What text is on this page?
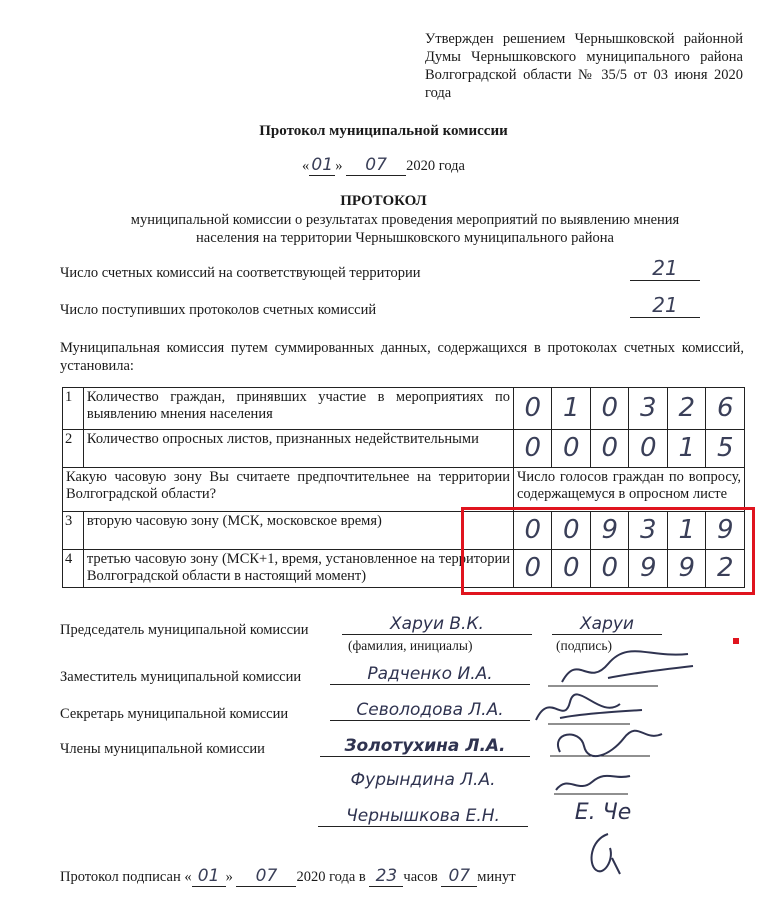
Утвержден решением Чернышковской районной Думы Чернышковского муниципального района Волгоградской области № 35/5 от 03 июня 2020 года
Протокол муниципальной комиссии
« 01 » 07 2020 года
ПРОТОКОЛ
муниципальной комиссии о результатах проведения мероприятий по выявлению мнения населения на территории Чернышковского муниципального района
Число счетных комиссий на соответствующей территории	21
Число поступивших протоколов счетных комиссий	21
Муниципальная комиссия путем суммированных данных, содержащихся в протоколах счетных комиссий, установила:
1	Количество граждан, принявших участие в мероприятиях по выявлению мнения населения	0	1	0	3	2	6
2	Количество опросных листов, признанных недействительными	0	0	0	0	1	5
Какую часовую зону Вы считаете предпочтительнее на территории Волгоградской области?		Число голосов граждан по вопросу, содержащемуся в опросном листе					
3	вторую часовую зону (МСК, московское время)	0	0	9	3	1	9
4	третью часовую зону (МСК+1, время, установленное на территории Волгоградской области в настоящий момент)	0	0	0	9	9	2
Председатель муниципальной комиссии	Харуи В.К.	Харуи
(фамилия, инициалы)	(подпись)
Заместитель муниципальной комиссии	Радченко И.А.
Секретарь муниципальной комиссии	Севолодова Л.А.
Члены муниципальной комиссии	Золотухина Л.А.
Фурындина Л.А.
Чернышкова Е.Н.	Е. Че
Протокол подписан « 01 » 07 2020 года в 23 часов 07 минут
